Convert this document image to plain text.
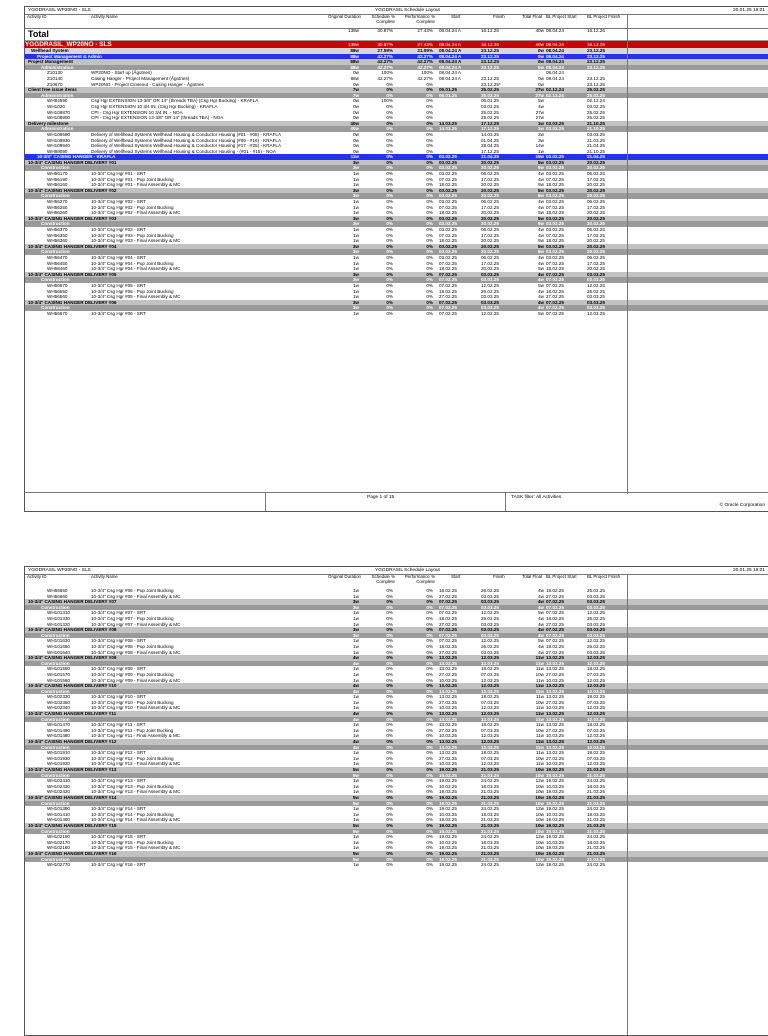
YGGDRASIL WP20NO - SLS	YGGDRASIL Schedule Layout	20.01.25 19:01
Activity ID	Activity Name	Original Duration	Schedule % Complete
Performance % Complete
Start	Finish	Total Float BL Project Start	BL Project Finish
Total	138w	30.87%	27.43% 08.04.24 A	16.12.26	40w 08.04.24	16.12.26
YGGDRASIL_WP20NO - SLS	138w	30.87%	27.43% 08.04.24 A	16.12.26	40w 08.04.24	16.12.26
Wellhead System	88w	27.59%	21.09% 08.04.24 A	23.12.25	0w 08.04.24	23.12.25
Project Management & Admin	88w	42.27%	42.27% 08.04.24 A	23.12.25	0w 08.04.24	23.12.25
Project Management	88w	42.27%	42.27% 08.04.24 A	23.12.25	0w 08.04.24	23.12.25
Administration	88w	42.27%	42.27% 08.04.24 A	23.12.25	0w 08.04.24	23.12.25
Z10130	WP20NO - Start up (Ågotnes)	0w	100%	100% 08.04.24 A	08.04.24
Z10140	Casing Hanger - Project Management (Ågotnes)	88w	42.27%	42.27% 08.04.24 A	23.12.25	0w 08.04.24	23.12.25
Z10670	WP20NO - Project Closeout - Casing Hanger - Ågotnes	0w	0%	0%	23.12.25*	0w	23.12.25
Client free issue items	7w	0%	0% 06.01.25	25.02.25	27w 02.12.24	25.02.25
Administration	7w	0%	0% 06.01.25	25.02.25	27w 02.12.24	25.02.25
WH84590	Csg Hgr EXTENSION 13-3/8" OR 14" (threads TBA) (Csg Hgr Bucking) - KRAFLA	0w	100%	0%	06.01.25	5w	02.12.24
WH1020	Csg Hgr EXTENSION 10 3/4 IN. (Csg Hgr Bucking) - KRAFLA	0w	0%	0%	03.02.25	4w	03.02.25
WH108870	CPI - Csg Hgr EXTENSION 10 3/4 IN. - NOA	0w	0%	0%	25.02.25	27w	25.02.25
WH108900	CPI - Csg Hgr EXTENSION 13-3/8" OR 14" (threads TBA) - NOA	0w	0%	0%	25.02.25	27w	25.02.25
Delivery milestone	40w	0%	0% 14.03.25	17.12.25	1w 03.03.25	21.10.25
Administration	40w	0%	0% 14.03.25	17.12.25	1w 03.03.25	21.10.25
WH109590	Delivery of Wellhead Systems Wellhead Housing & Conductor Housing (#01 - #08) - KRAFLA	0w	0%	0%	14.03.25	2w	03.03.25
WH109930	Delivery of Wellhead Systems Wellhead Housing & Conductor Housing (#09 - #16) - KRAFLA	0w	0%	0%	01.04.25	3w	21.03.25
WH109940	Delivery of Wellhead Systems Wellhead Housing & Conductor Housing (#17 - #25) - KRAFLA	0w	0%	0%	28.04.25	14w	21.04.25
WH89090	Delivery of Wellhead Systems Wellhead Housing & Conductor Housing - (#01 - #15) - NOA	0w	0%	0%	17.12.25	1w	21.10.25
10-3/4" CASING HANGER - KRAFLA	11w	0%	0% 03.02.25	21.04.25	15w 03.02.25	21.04.25
10-3/4" CASING HANGER DELIVERY #01	3w	0%	0% 03.02.25	20.02.25	5w 03.02.25	20.02.25
Construction	3w	0%	0% 03.02.25	20.02.25	5w 03.02.25	20.02.25
WH56170	10-3/4" Csg Hgr #01 - SRT	1w	0%	0% 03.02.25	06.02.25	4w 03.02.25	06.02.25
WH56190	10-3/4" Csg Hgr #01 - Pup Joint Bucking	1w	0%	0% 07.02.25	17.02.25	4w 07.02.25	17.02.25
WH56160	10-3/4" Csg Hgr #01 - Final Assembly & MC	1w	0%	0% 18.02.25	20.02.25	5w 18.02.25	20.02.25
10-3/4" CASING HANGER DELIVERY #02	3w	0%	0% 03.02.25	20.02.25	5w 03.02.25	20.02.25
Construction	3w	0%	0% 03.02.25	20.02.25	5w 03.02.25	20.02.25
WH56270	10-3/4" Csg Hgr #02 - SRT	1w	0%	0% 03.02.25	06.02.25	4w 03.02.25	06.02.25
WH56250	10-3/4" Csg Hgr #02 - Pup Joint Bucking	1w	0%	0% 07.02.25	17.02.25	4w 07.02.25	17.02.25
WH56260	10-3/4" Csg Hgr #02 - Final Assembly & MC	1w	0%	0% 18.02.25	20.02.25	5w 18.02.25	20.02.25
10-3/4" CASING HANGER DELIVERY #03	3w	0%	0% 03.02.25	20.02.25	5w 03.02.25	20.02.25
Construction	3w	0%	0% 03.02.25	20.02.25	5w 03.02.25	20.02.25
WH56370	10-3/4" Csg Hgr #03 - SRT	1w	0%	0% 03.02.25	06.02.25	4w 03.02.25	06.02.25
WH56350	10-3/4" Csg Hgr #03 - Pup Joint Bucking	1w	0%	0% 07.02.25	17.02.25	4w 07.02.25	17.02.25
WH56360	10-3/4" Csg Hgr #03 - Final Assembly & MC	1w	0%	0% 18.02.25	20.02.25	5w 18.02.25	20.02.25
10-3/4" CASING HANGER DELIVERY #04	3w	0%	0% 03.02.25	20.02.25	5w 03.02.25	20.02.25
Construction	3w	0%	0% 03.02.25	20.02.25	5w 03.02.25	20.02.25
WH56470	10-3/4" Csg Hgr #04 - SRT	1w	0%	0% 03.02.25	06.02.25	4w 03.02.25	06.02.25
WH56450	10-3/4" Csg Hgr #04 - Pup Joint Bucking	1w	0%	0% 07.02.25	17.02.25	4w 07.02.25	17.02.25
WH56460	10-3/4" Csg Hgr #04 - Final Assembly & MC	1w	0%	0% 18.02.25	20.02.25	5w 18.02.25	20.02.25
10-3/4" CASING HANGER DELIVERY #05	3w	0%	0% 07.02.25	03.03.25	4w 07.02.25	03.03.25
Construction	3w	0%	0% 07.02.25	03.03.25	4w 07.02.25	03.03.25
WH56570	10-3/4" Csg Hgr #05 - SRT	1w	0%	0% 07.02.25	12.02.25	5w 07.02.25	12.02.25
WH56550	10-3/4" Csg Hgr #05 - Pup Joint Bucking	1w	0%	0% 18.02.25	26.02.25	4w 18.02.25	26.02.25
WH56560	10-3/4" Csg Hgr #05 - Final Assembly & MC	1w	0%	0% 27.02.25	03.03.25	4w 27.02.25	03.03.25
10-3/4" CASING HANGER DELIVERY #06	3w	0%	0% 07.02.25	03.03.25	4w 07.02.25	03.03.25
Construction	3w	0%	0% 07.02.25	03.03.25	4w 07.02.25	03.03.25
WH56670	10-3/4" Csg Hgr #06 - SRT	1w	0%	0% 07.02.25	12.02.25	5w 07.02.25	12.02.25
Page 1 of 15	TASK filter: All Activities
© Oracle Corporation
YGGDRASIL WP20NO - SLS	YGGDRASIL Schedule Layout	20.01.25 19:01
Activity ID	Activity Name	Original Duration	Schedule % Complete
Performance % Complete
Start	Finish	Total Float BL Project Start	BL Project Finish
WH56650	10-3/4" Csg Hgr #06 - Pup Joint Bucking	1w	0%	0% 18.02.25	26.02.25	4w 18.02.25	26.02.25
WH56660	10-3/4" Csg Hgr #06 - Final Assembly & MC	1w	0%	0% 27.02.25	03.03.25	4w 27.02.25	03.03.25
10-3/4" CASING HANGER DELIVERY #07	3w	0%	0% 07.02.25	03.03.25	4w 07.02.25	03.03.25
Construction	3w	0%	0% 07.02.25	03.03.25	4w 07.02.25	03.03.25
WH101310	10-3/4" Csg Hgr #07 - SRT	1w	0%	0% 07.02.25	12.02.25	5w 07.02.25	12.02.25
WH101330	10-3/4" Csg Hgr #07 - Pup Joint Bucking	1w	0%	0% 18.02.25	26.02.25	4w 18.02.25	26.02.25
WH101320	10-3/4" Csg Hgr #07 - Final Assembly & MC	1w	0%	0% 27.02.25	03.03.25	4w 27.02.25	03.03.25
10-3/4" CASING HANGER DELIVERY #08	3w	0%	0% 07.02.25	03.03.25	4w 07.02.25	03.03.25
Construction	3w	0%	0% 07.02.25	03.03.25	4w 07.02.25	03.03.25
WH101630	10-3/4" Csg Hgr #08 - SRT	1w	0%	0% 07.02.25	12.02.25	5w 07.02.25	12.02.25
WH101650	10-3/4" Csg Hgr #08 - Pup Joint Bucking	1w	0%	0% 18.02.25	26.02.25	4w 18.02.25	26.02.25
WH101640	10-3/4" Csg Hgr #08 - Final Assembly & MC	1w	0%	0% 27.02.25	03.03.25	4w 27.02.25	03.03.25
10-3/4" CASING HANGER DELIVERY #09	4w	0%	0% 13.02.25	12.03.25	11w 13.02.25	12.03.25
Construction	4w	0%	0% 13.02.25	12.03.25	11w 13.02.25	12.03.25
WH101550	10-3/4" Csg Hgr #09 - SRT	1w	0%	0% 13.02.25	18.02.25	11w 13.02.25	18.02.25
WH101570	10-3/4" Csg Hgr #09 - Pup Joint Bucking	1w	0%	0% 27.02.25	07.03.25	10w 27.02.25	07.03.25
WH101560	10-3/4" Csg Hgr #09 - Final Assembly & MC	1w	0%	0% 10.03.25	12.03.25	11w 10.03.25	12.03.25
10-3/4" CASING HANGER DELIVERY #10	4w	0%	0% 13.02.25	12.03.25	11w 13.02.25	12.03.25
Construction	4w	0%	0% 13.02.25	12.03.25	11w 13.02.25	12.03.25
WH102330	10-3/4" Csg Hgr #10 - SRT	1w	0%	0% 13.02.25	18.02.25	11w 13.02.25	18.02.25
WH102350	10-3/4" Csg Hgr #10 - Pup Joint Bucking	1w	0%	0% 27.02.25	07.03.25	10w 27.02.25	07.03.25
WH102340	10-3/4" Csg Hgr #10 - Final Assembly & MC	1w	0%	0% 10.03.25	12.03.25	11w 10.03.25	12.03.25
10-3/4" CASING HANGER DELIVERY #11	4w	0%	0% 13.02.25	12.03.25	11w 13.02.25	12.03.25
Construction	4w	0%	0% 13.02.25	12.03.25	11w 13.02.25	12.03.25
WH101470	10-3/4" Csg Hgr #11 - SRT	1w	0%	0% 13.02.25	18.02.25	11w 13.02.25	18.02.25
WH101490	10-3/4" Csg Hgr #11 - Pup Joint Bucking	1w	0%	0% 27.02.25	07.03.25	10w 27.02.25	07.03.25
WH101480	10-3/4" Csg Hgr #11 - Final Assembly & MC	1w	0%	0% 10.03.25	12.03.25	11w 10.03.25	12.03.25
10-3/4" CASING HANGER DELIVERY #12	4w	0%	0% 13.02.25	12.03.25	11w 13.02.25	12.03.25
Construction	4w	0%	0% 13.02.25	12.03.25	11w 13.02.25	12.03.25
WH101910	10-3/4" Csg Hgr #12 - SRT	1w	0%	0% 13.02.25	18.02.25	11w 13.02.25	18.02.25
WH101930	10-3/4" Csg Hgr #12 - Pup Joint Bucking	1w	0%	0% 27.02.25	07.03.25	10w 27.02.25	07.03.25
WH101920	10-3/4" Csg Hgr #12 - Final Assembly & MC	1w	0%	0% 10.03.25	12.03.25	11w 10.03.25	12.03.25
10-3/4" CASING HANGER DELIVERY #13	5w	0%	0% 19.02.25	21.03.25	10w 19.02.25	21.03.25
Construction	5w	0%	0% 19.02.25	21.03.25	10w 19.02.25	21.03.25
WH102410	10-3/4" Csg Hgr #13 - SRT	1w	0%	0% 19.02.25	24.02.25	12w 19.02.25	24.02.25
WH102430	10-3/4" Csg Hgr #13 - Pup Joint Bucking	1w	0%	0% 10.03.25	18.03.25	10w 10.03.25	18.03.25
WH102420	10-3/4" Csg Hgr #13 - Final Assembly & MC	1w	0%	0% 19.03.25	21.03.25	10w 19.03.25	21.03.25
10-3/4" CASING HANGER DELIVERY #14	5w	0%	0% 19.02.25	21.03.25	10w 19.02.25	21.03.25
Construction	5w	0%	0% 19.02.25	21.03.25	10w 19.02.25	21.03.25
WH101390	10-3/4" Csg Hgr #14 - SRT	1w	0%	0% 19.02.25	24.02.25	12w 19.02.25	24.02.25
WH101410	10-3/4" Csg Hgr #14 - Pup Joint Bucking	1w	0%	0% 10.03.25	18.03.25	10w 10.03.25	18.03.25
WH101400	10-3/4" Csg Hgr #14 - Final Assembly & MC	1w	0%	0% 19.03.25	21.03.25	10w 19.03.25	21.03.25
10-3/4" CASING HANGER DELIVERY #15	5w	0%	0% 19.02.25	21.03.25	10w 19.02.25	21.03.25
Construction	5w	0%	0% 19.02.25	21.03.25	10w 19.02.25	21.03.25
WH102150	10-3/4" Csg Hgr #15 - SRT	1w	0%	0% 19.02.25	24.02.25	12w 19.02.25	24.02.25
WH102170	10-3/4" Csg Hgr #15 - Pup Joint Bucking	1w	0%	0% 10.03.25	18.03.25	10w 10.03.25	18.03.25
WH102160	10-3/4" Csg Hgr #15 - Final Assembly & MC	1w	0%	0% 19.03.25	21.03.25	10w 19.03.25	21.03.25
10-3/4" CASING HANGER DELIVERY #16	5w	0%	0% 19.02.25	21.03.25	10w 19.02.25	21.03.25
Construction	5w	0%	0% 19.02.25	21.03.25	10w 19.02.25	21.03.25
WH102770	10-3/4" Csg Hgr #16 - SRT	1w	0%	0% 19.02.25	24.02.25	12w 19.02.25	24.02.25
